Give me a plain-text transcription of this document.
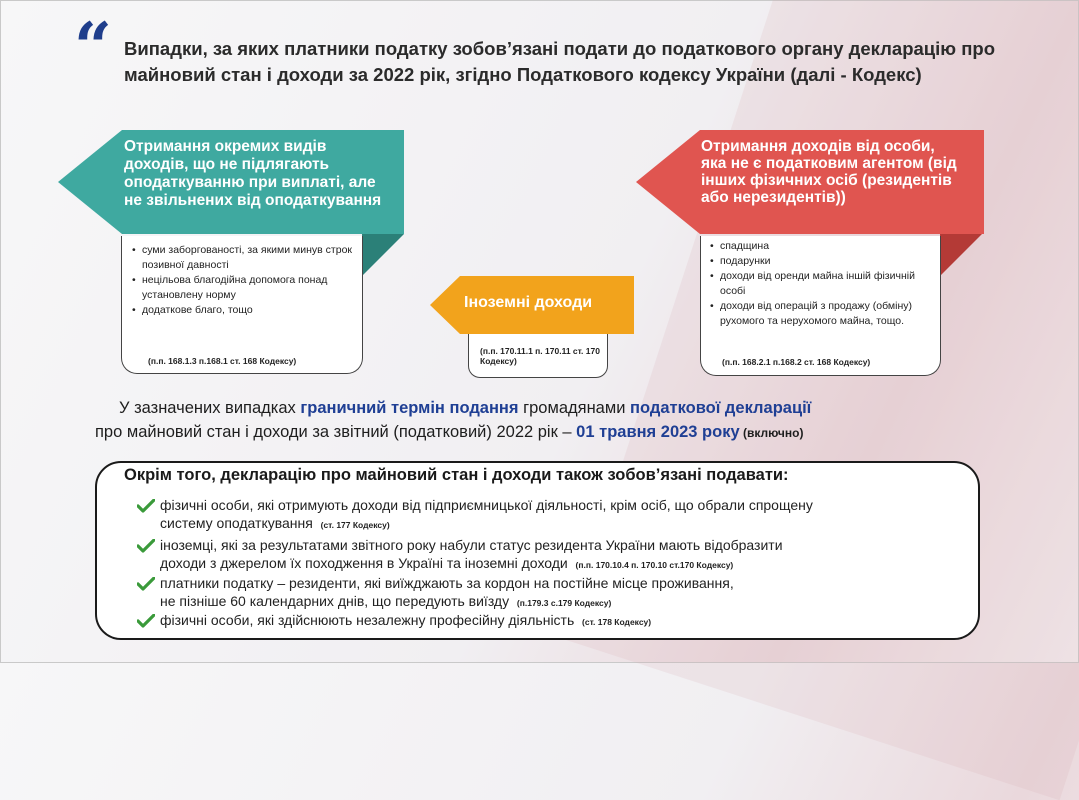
“ Випадки, за яких платники податку зобов’язані подати до податкового органу декларацію про майновий стан і доходи за 2022 рік, згідно Податкового кодексу України (далі - Кодекс)

Отримання окремих видів доходів, що не підлягають оподаткуванню при виплаті, але не звільнених від оподаткування
• суми заборгованості, за якими минув строк позивної давності
• нецільова благодійна допомога понад установлену норму
• додаткове благо, тощо
(п.п. 168.1.3 п.168.1 ст. 168 Кодексу)
Іноземні доходи
(п.п. 170.11.1 п. 170.11 ст. 170 Кодексу)
Отримання доходів від особи, яка не є податковим агентом (від інших фізичних осіб (резидентів або нерезидентів))
• спадщина
• подарунки
• доходи від оренди майна іншій фізичній особі
• доходи від операцій з продажу (обміну) рухомого та нерухомого майна, тощо.
(п.п. 168.2.1 п.168.2 ст. 168 Кодексу)
У зазначених випадках граничний термін подання громадянами податкової декларації
про майновий стан і доходи за звітний (податковий) 2022 рік – 01 травня 2023 року (включно)
Окрім того, декларацію про майновий стан і доходи також зобов’язані подавати:
фізичні особи, які отримують доходи від підприємницької діяльності, крім осіб, що обрали спрощену
систему оподаткування (ст. 177 Кодексу)
іноземці, які за результатами звітного року набули статус резидента України мають відобразити
доходи з джерелом їх походження в Україні та іноземні доходи (п.п. 170.10.4 п. 170.10 ст.170 Кодексу)
платники податку – резиденти, які виїжджають за кордон на постійне місце проживання,
не пізніше 60 календарних днів, що передують виїзду (п.179.3 с.179 Кодексу)
фізичні особи, які здійснюють незалежну професійну діяльність (ст. 178 Кодексу)
